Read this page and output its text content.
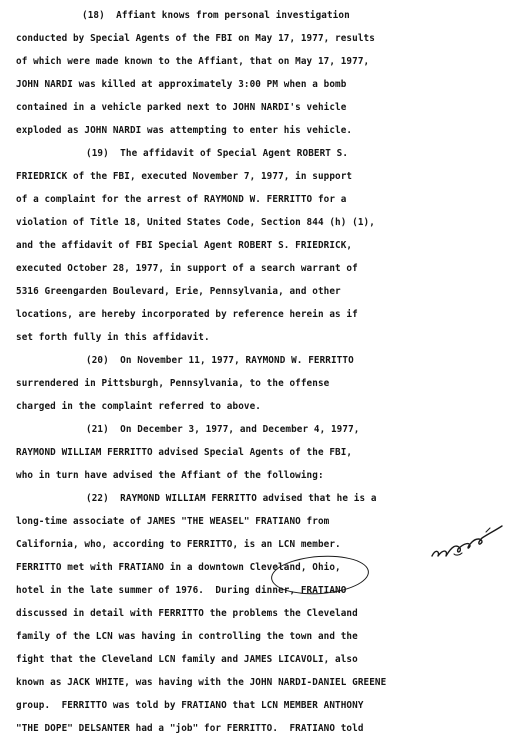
(18)  Affiant knows from personal investigation
conducted by Special Agents of the FBI on May 17, 1977, results
of which were made known to the Affiant, that on May 17, 1977,
JOHN NARDI was killed at approximately 3:00 PM when a bomb
contained in a vehicle parked next to JOHN NARDI's vehicle
exploded as JOHN NARDI was attempting to enter his vehicle.
(19)  The affidavit of Special Agent ROBERT S.
FRIEDRICK of the FBI, executed November 7, 1977, in support
of a complaint for the arrest of RAYMOND W. FERRITTO for a
violation of Title 18, United States Code, Section 844 (h) (1),
and the affidavit of FBI Special Agent ROBERT S. FRIEDRICK,
executed October 28, 1977, in support of a search warrant of
5316 Greengarden Boulevard, Erie, Pennsylvania, and other
locations, are hereby incorporated by reference herein as if
set forth fully in this affidavit.
(20)  On November 11, 1977, RAYMOND W. FERRITTO
surrendered in Pittsburgh, Pennsylvania, to the offense
charged in the complaint referred to above.
(21)  On December 3, 1977, and December 4, 1977,
RAYMOND WILLIAM FERRITTO advised Special Agents of the FBI,
who in turn have advised the Affiant of the following:
(22)  RAYMOND WILLIAM FERRITTO advised that he is a
long-time associate of JAMES "THE WEASEL" FRATIANO from
California, who, according to FERRITTO, is an LCN member.
FERRITTO met with FRATIANO in a downtown Cleveland, Ohio,
hotel in the late summer of 1976.  During dinner, FRATIANO
discussed in detail with FERRITTO the problems the Cleveland
family of the LCN was having in controlling the town and the
fight that the Cleveland LCN family and JAMES LICAVOLI, also
known as JACK WHITE, was having with the JOHN NARDI-DANIEL GREENE
group.  FERRITTO was told by FRATIANO that LCN MEMBER ANTHONY
"THE DOPE" DELSANTER had a "job" for FERRITTO.  FRATIANO told
